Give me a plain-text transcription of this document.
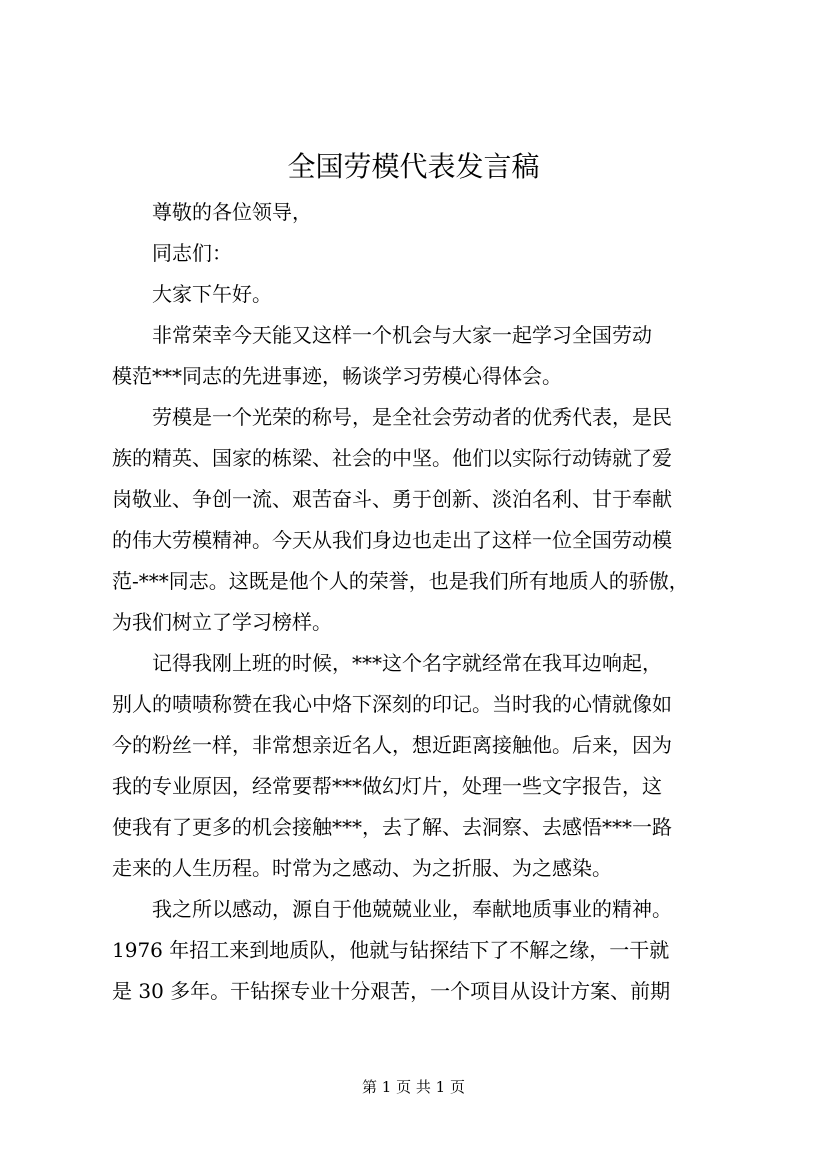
全国劳模代表发言稿
尊敬的各位领导，
同志们：
大家下午好。
非常荣幸今天能又这样一个机会与大家一起学习全国劳动
模范***同志的先进事迹，畅谈学习劳模心得体会。
劳模是一个光荣的称号，是全社会劳动者的优秀代表，是民
族的精英、国家的栋梁、社会的中坚。他们以实际行动铸就了爱
岗敬业、争创一流、艰苦奋斗、勇于创新、淡泊名利、甘于奉献
的伟大劳模精神。今天从我们身边也走出了这样一位全国劳动模
范-***同志。这既是他个人的荣誉，也是我们所有地质人的骄傲，
为我们树立了学习榜样。
记得我刚上班的时候，***这个名字就经常在我耳边响起，
别人的啧啧称赞在我心中烙下深刻的印记。当时我的心情就像如
今的粉丝一样，非常想亲近名人，想近距离接触他。后来，因为
我的专业原因，经常要帮***做幻灯片，处理一些文字报告，这
使我有了更多的机会接触***，去了解、去洞察、去感悟***一路
走来的人生历程。时常为之感动、为之折服、为之感染。
我之所以感动，源自于他兢兢业业，奉献地质事业的精神。
1976 年招工来到地质队，他就与钻探结下了不解之缘，一干就
是 30 多年。干钻探专业十分艰苦，一个项目从设计方案、前期
第 1 页 共 1 页
